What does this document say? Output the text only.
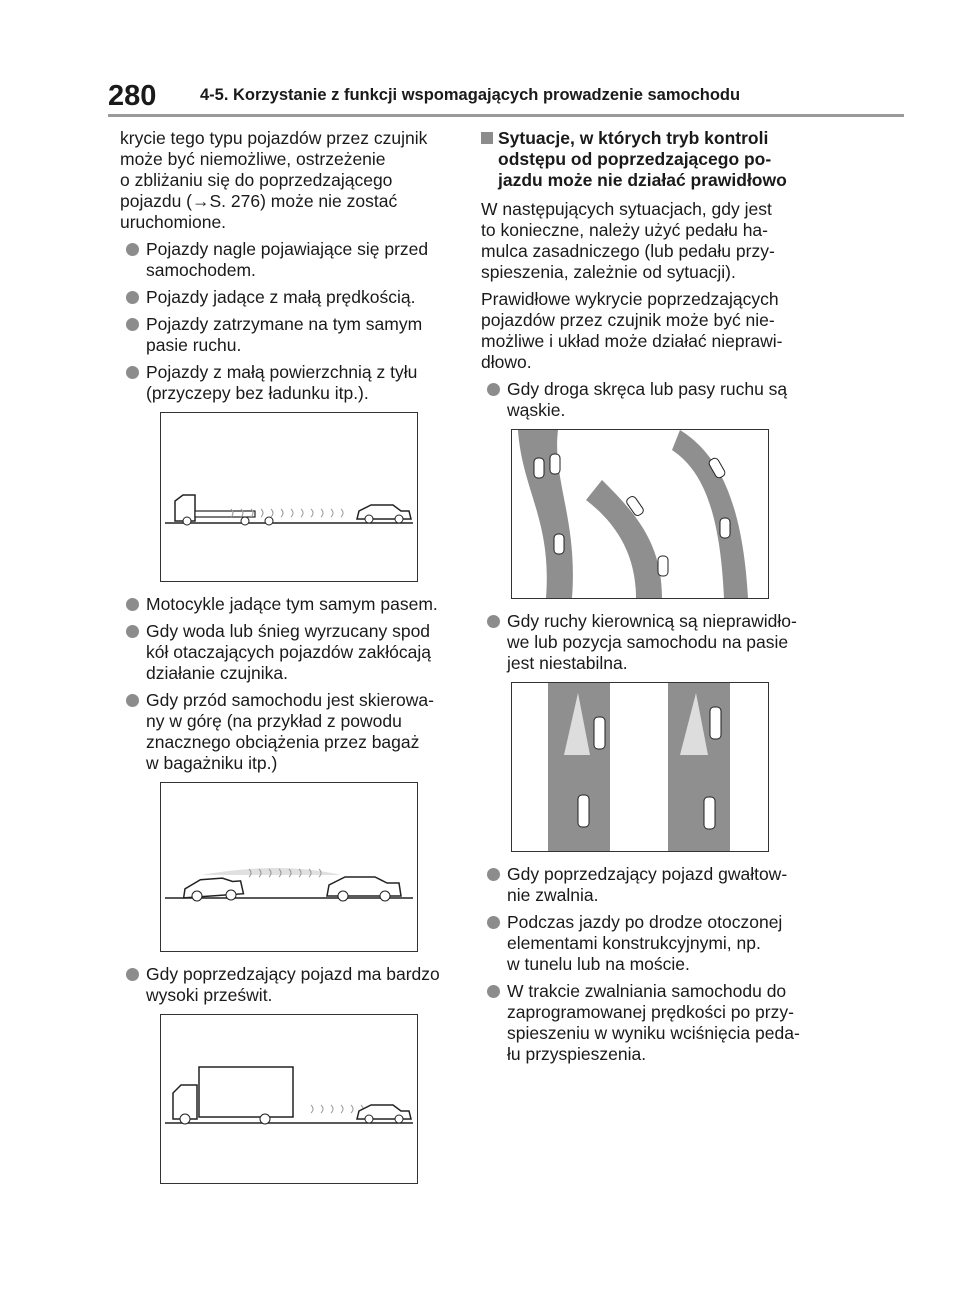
280	4-5. Korzystanie z funkcji wspomagających prowadzenie samochodu
krycie tego typu pojazdów przez czujnik
może być niemożliwe, ostrzeżenie
o zbliżaniu się do poprzedzającego
pojazdu (→S. 276) może nie zostać
uruchomione.
Pojazdy nagle pojawiające się przed
samochodem.
Pojazdy jadące z małą prędkością.
Pojazdy zatrzymane na tym samym
pasie ruchu.
Pojazdy z małą powierzchnią z tyłu
(przyczepy bez ładunku itp.).
Motocykle jadące tym samym pasem.
Gdy woda lub śnieg wyrzucany spod
kół otaczających pojazdów zakłócają
działanie czujnika.
Gdy przód samochodu jest skierowa-
ny w górę (na przykład z powodu
znacznego obciążenia przez bagaż
w bagażniku itp.)
Gdy poprzedzający pojazd ma bardzo
wysoki prześwit.
Sytuacje, w których tryb kontroli
odstępu od poprzedzającego po-
jazdu może nie działać prawidłowo
W następujących sytuacjach, gdy jest
to konieczne, należy użyć pedału ha-
mulca zasadniczego (lub pedału przy-
spieszenia, zależnie od sytuacji).
Prawidłowe wykrycie poprzedzających
pojazdów przez czujnik może być nie-
możliwe i układ może działać nieprawi-
dłowo.
Gdy droga skręca lub pasy ruchu są
wąskie.
Gdy ruchy kierownicą są nieprawidło-
we lub pozycja samochodu na pasie
jest niestabilna.
Gdy poprzedzający pojazd gwałtow-
nie zwalnia.
Podczas jazdy po drodze otoczonej
elementami konstrukcyjnymi, np.
w tunelu lub na moście.
W trakcie zwalniania samochodu do
zaprogramowanej prędkości po przy-
spieszeniu w wyniku wciśnięcia peda-
łu przyspieszenia.
